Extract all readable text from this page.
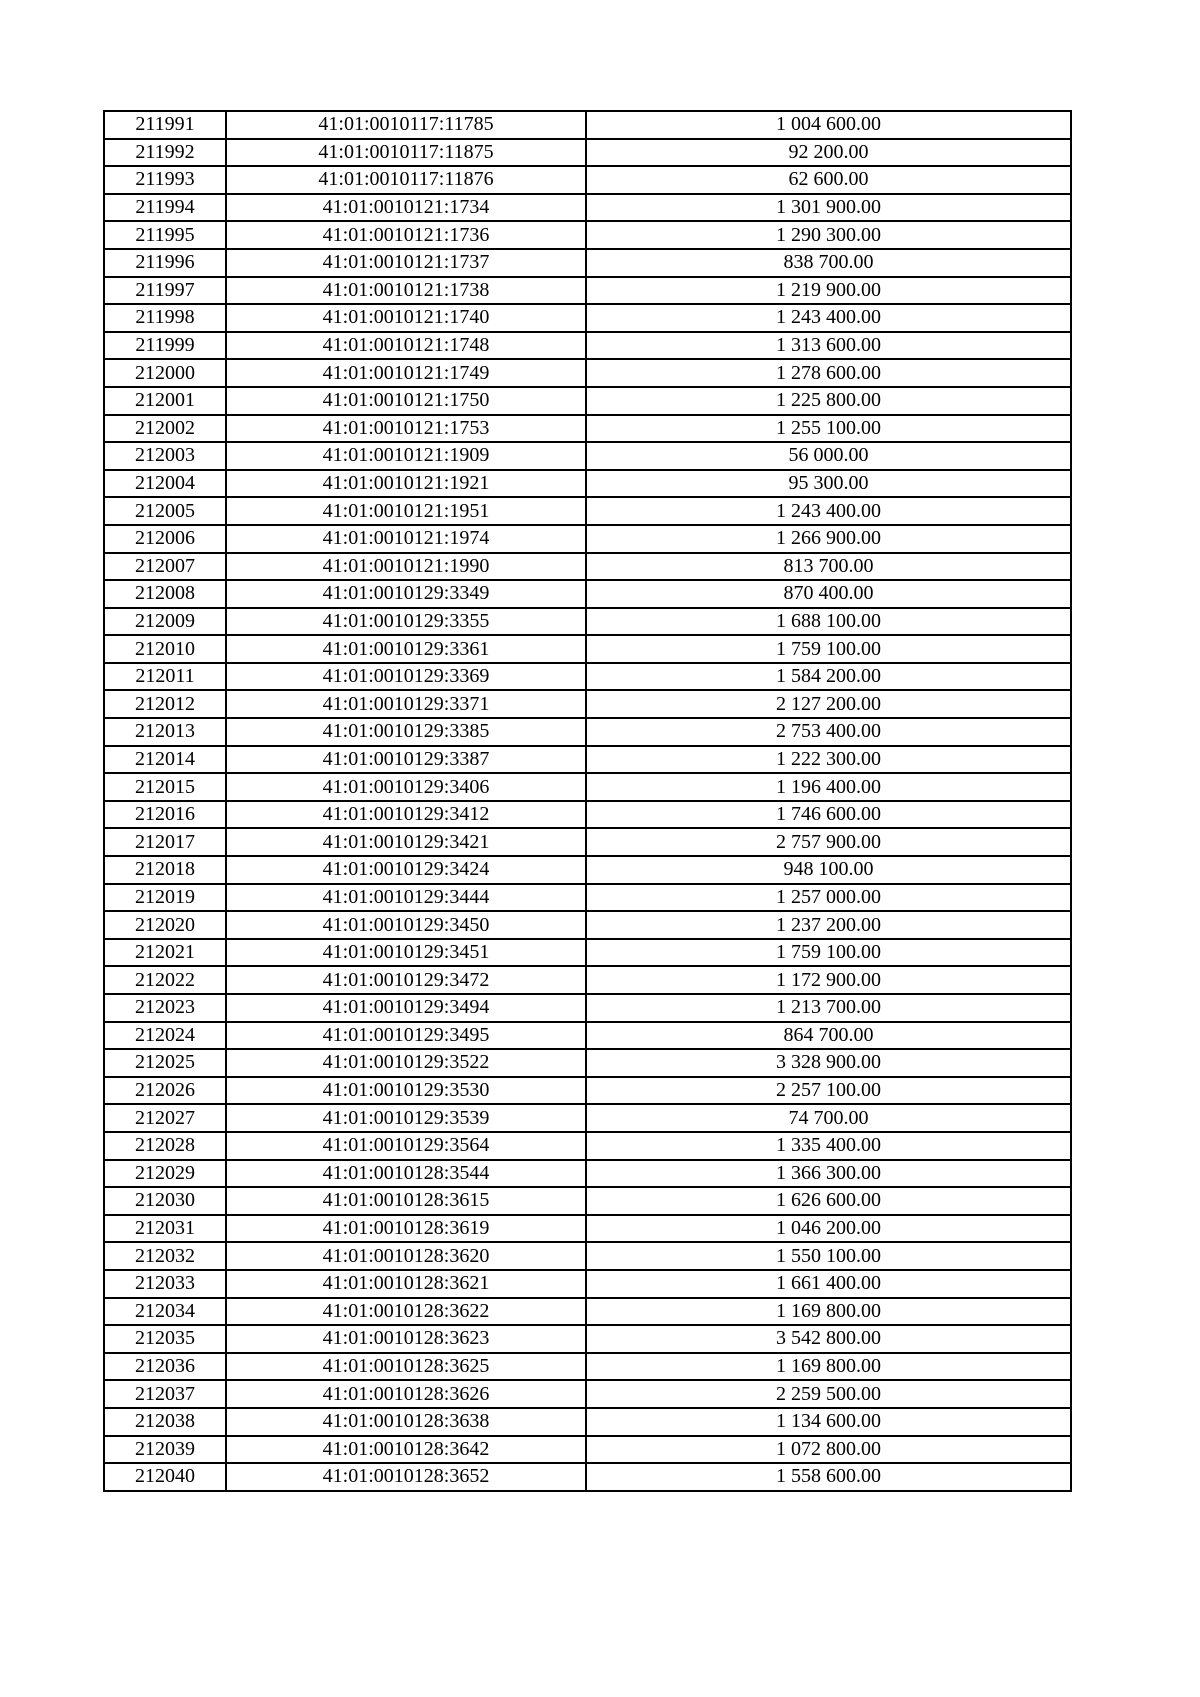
211991	41:01:0010117:11785	1 004 600.00
211992	41:01:0010117:11875	92 200.00
211993	41:01:0010117:11876	62 600.00
211994	41:01:0010121:1734	1 301 900.00
211995	41:01:0010121:1736	1 290 300.00
211996	41:01:0010121:1737	838 700.00
211997	41:01:0010121:1738	1 219 900.00
211998	41:01:0010121:1740	1 243 400.00
211999	41:01:0010121:1748	1 313 600.00
212000	41:01:0010121:1749	1 278 600.00
212001	41:01:0010121:1750	1 225 800.00
212002	41:01:0010121:1753	1 255 100.00
212003	41:01:0010121:1909	56 000.00
212004	41:01:0010121:1921	95 300.00
212005	41:01:0010121:1951	1 243 400.00
212006	41:01:0010121:1974	1 266 900.00
212007	41:01:0010121:1990	813 700.00
212008	41:01:0010129:3349	870 400.00
212009	41:01:0010129:3355	1 688 100.00
212010	41:01:0010129:3361	1 759 100.00
212011	41:01:0010129:3369	1 584 200.00
212012	41:01:0010129:3371	2 127 200.00
212013	41:01:0010129:3385	2 753 400.00
212014	41:01:0010129:3387	1 222 300.00
212015	41:01:0010129:3406	1 196 400.00
212016	41:01:0010129:3412	1 746 600.00
212017	41:01:0010129:3421	2 757 900.00
212018	41:01:0010129:3424	948 100.00
212019	41:01:0010129:3444	1 257 000.00
212020	41:01:0010129:3450	1 237 200.00
212021	41:01:0010129:3451	1 759 100.00
212022	41:01:0010129:3472	1 172 900.00
212023	41:01:0010129:3494	1 213 700.00
212024	41:01:0010129:3495	864 700.00
212025	41:01:0010129:3522	3 328 900.00
212026	41:01:0010129:3530	2 257 100.00
212027	41:01:0010129:3539	74 700.00
212028	41:01:0010129:3564	1 335 400.00
212029	41:01:0010128:3544	1 366 300.00
212030	41:01:0010128:3615	1 626 600.00
212031	41:01:0010128:3619	1 046 200.00
212032	41:01:0010128:3620	1 550 100.00
212033	41:01:0010128:3621	1 661 400.00
212034	41:01:0010128:3622	1 169 800.00
212035	41:01:0010128:3623	3 542 800.00
212036	41:01:0010128:3625	1 169 800.00
212037	41:01:0010128:3626	2 259 500.00
212038	41:01:0010128:3638	1 134 600.00
212039	41:01:0010128:3642	1 072 800.00
212040	41:01:0010128:3652	1 558 600.00
